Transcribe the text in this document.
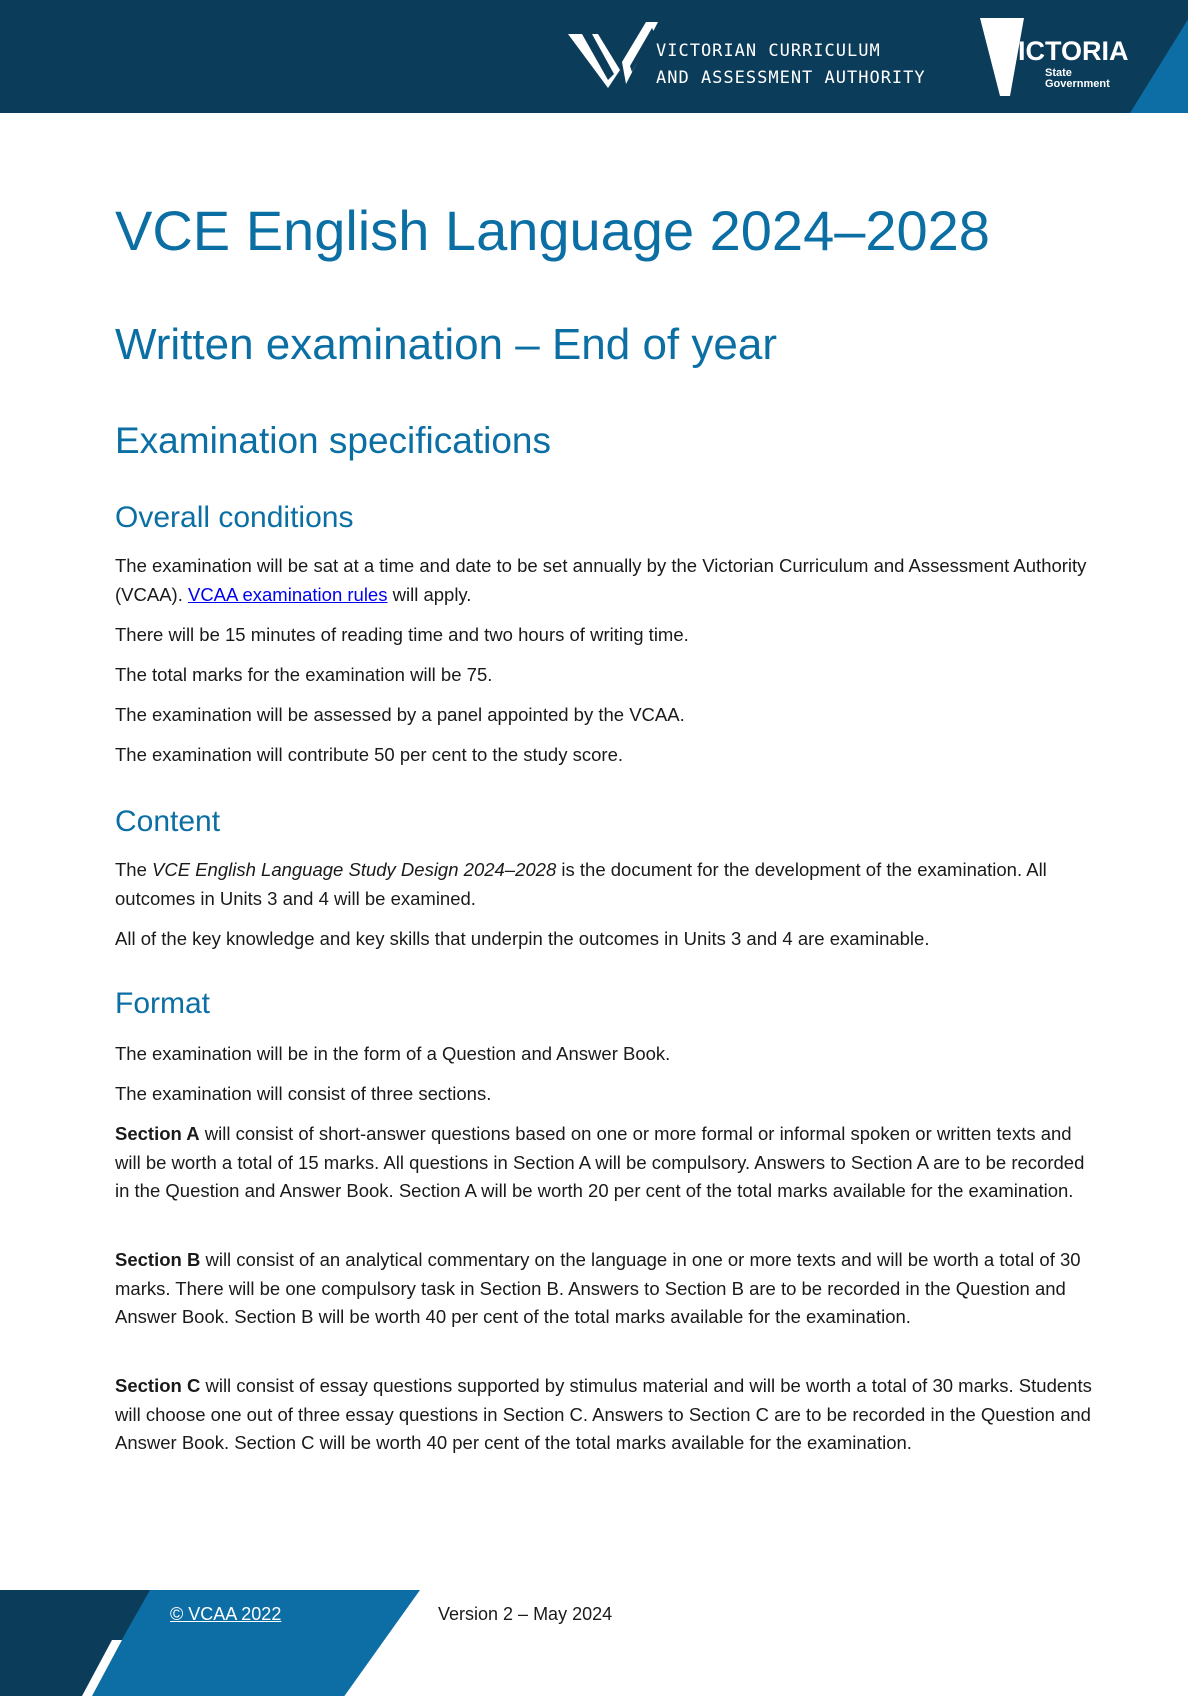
VICTORIAN CURRICULUM
AND ASSESSMENT AUTHORITY
VICTORIA
State
Government
VCE English Language 2024–2028
Written examination – End of year
Examination specifications
Overall conditions

The examination will be sat at a time and date to be set annually by the Victorian Curriculum and Assessment Authority (VCAA). VCAA examination rules will apply.

There will be 15 minutes of reading time and two hours of writing time.

The total marks for the examination will be 75.

The examination will be assessed by a panel appointed by the VCAA.

The examination will contribute 50 per cent to the study score.

Content

The VCE English Language Study Design 2024–2028 is the document for the development of the examination. All outcomes in Units 3 and 4 will be examined.

All of the key knowledge and key skills that underpin the outcomes in Units 3 and 4 are examinable.

Format

The examination will be in the form of a Question and Answer Book.

The examination will consist of three sections.

Section A will consist of short-answer questions based on one or more formal or informal spoken or written texts and will be worth a total of 15 marks. All questions in Section A will be compulsory. Answers to Section A are to be recorded in the Question and Answer Book. Section A will be worth 20 per cent of the total marks available for the examination.

Section B will consist of an analytical commentary on the language in one or more texts and will be worth a total of 30 marks. There will be one compulsory task in Section B. Answers to Section B are to be recorded in the Question and Answer Book. Section B will be worth 40 per cent of the total marks available for the examination.

Section C will consist of essay questions supported by stimulus material and will be worth a total of 30 marks. Students will choose one out of three essay questions in Section C. Answers to Section C are to be recorded in the Question and Answer Book. Section C will be worth 40 per cent of the total marks available for the examination.

© VCAA 2022	Version 2 – May 2024
